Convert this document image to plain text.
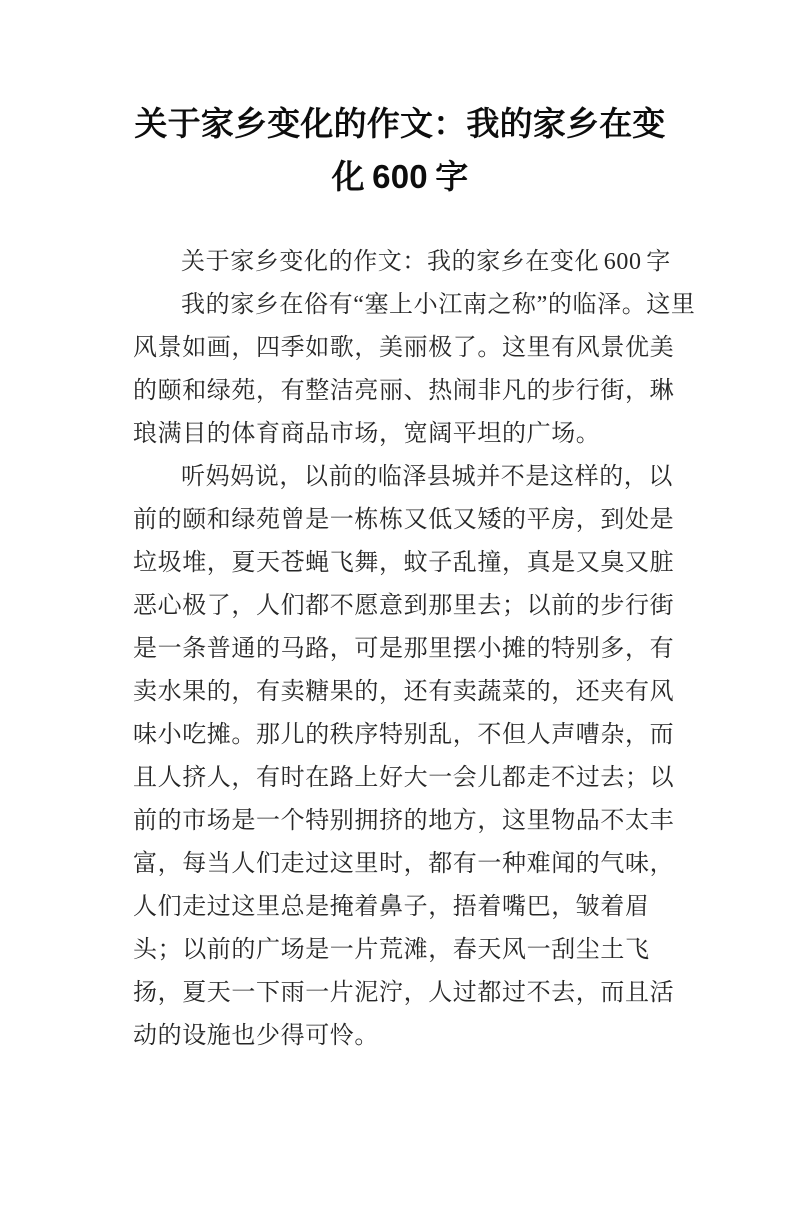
关于家乡变化的作文：我的家乡在变化 600 字

关于家乡变化的作文：我的家乡在变化 600 字

我的家乡在俗有“塞上小江南之称”的临泽。这里风景如画，四季如歌，美丽极了。这里有风景优美的颐和绿苑，有整洁亮丽、热闹非凡的步行街，琳琅满目的体育商品市场，宽阔平坦的广场。

听妈妈说，以前的临泽县城并不是这样的，以前的颐和绿苑曾是一栋栋又低又矮的平房，到处是垃圾堆，夏天苍蝇飞舞，蚊子乱撞，真是又臭又脏恶心极了，人们都不愿意到那里去；以前的步行街是一条普通的马路，可是那里摆小摊的特别多，有卖水果的，有卖糖果的，还有卖蔬菜的，还夹有风味小吃摊。那儿的秩序特别乱，不但人声嘈杂，而且人挤人，有时在路上好大一会儿都走不过去；以前的市场是一个特别拥挤的地方，这里物品不太丰富，每当人们走过这里时，都有一种难闻的气味，人们走过这里总是掩着鼻子，捂着嘴巴，皱着眉头；以前的广场是一片荒滩，春天风一刮尘土飞扬，夏天一下雨一片泥泞，人过都过不去，而且活动的设施也少得可怜。
